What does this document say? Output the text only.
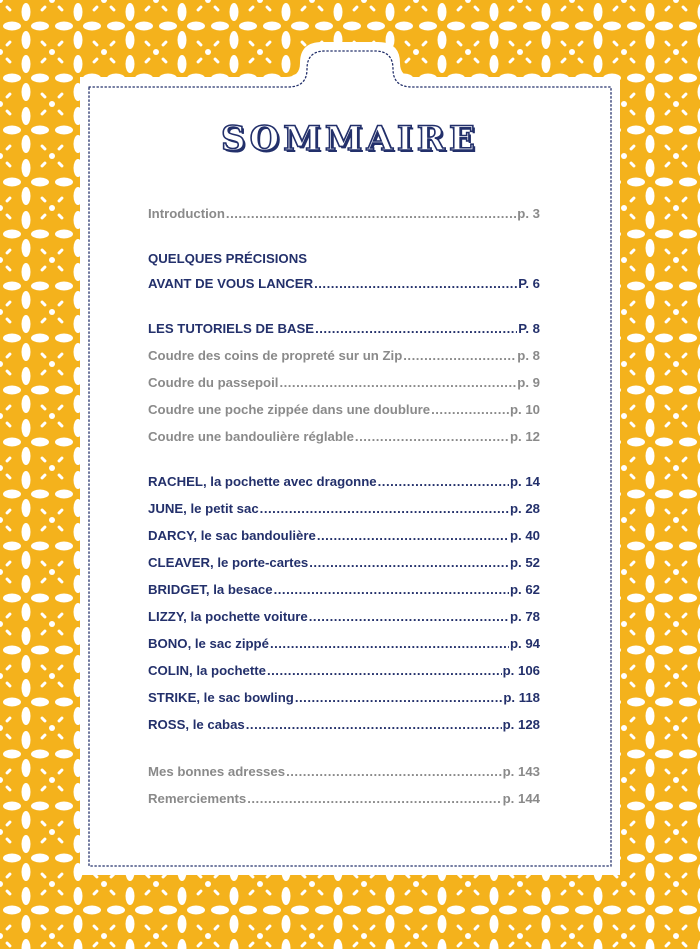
SOMMAIRE
Introduction .....	p. 3
QUELQUES PRÉCISIONS
AVANT DE VOUS LANCER .....	P. 6
LES TUTORIELS DE BASE .....	P. 8
Coudre des coins de propreté sur un Zip .....	p. 8
Coudre du passepoil .....	p. 9
Coudre une poche zippée dans une doublure .....	p. 10
Coudre une bandoulière réglable .....	p. 12
RACHEL, la pochette avec dragonne .....	p. 14
JUNE, le petit sac .....	p. 28
DARCY, le sac bandoulière .....	p. 40
CLEAVER, le porte-cartes .....	p. 52
BRIDGET, la besace .....	p. 62
LIZZY, la pochette voiture .....	p. 78
BONO, le sac zippé .....	p. 94
COLIN, la pochette .....	p. 106
STRIKE, le sac bowling .....	p. 118
ROSS, le cabas .....	p. 128
Mes bonnes adresses .....	p. 143
Remerciements .....	p. 144
